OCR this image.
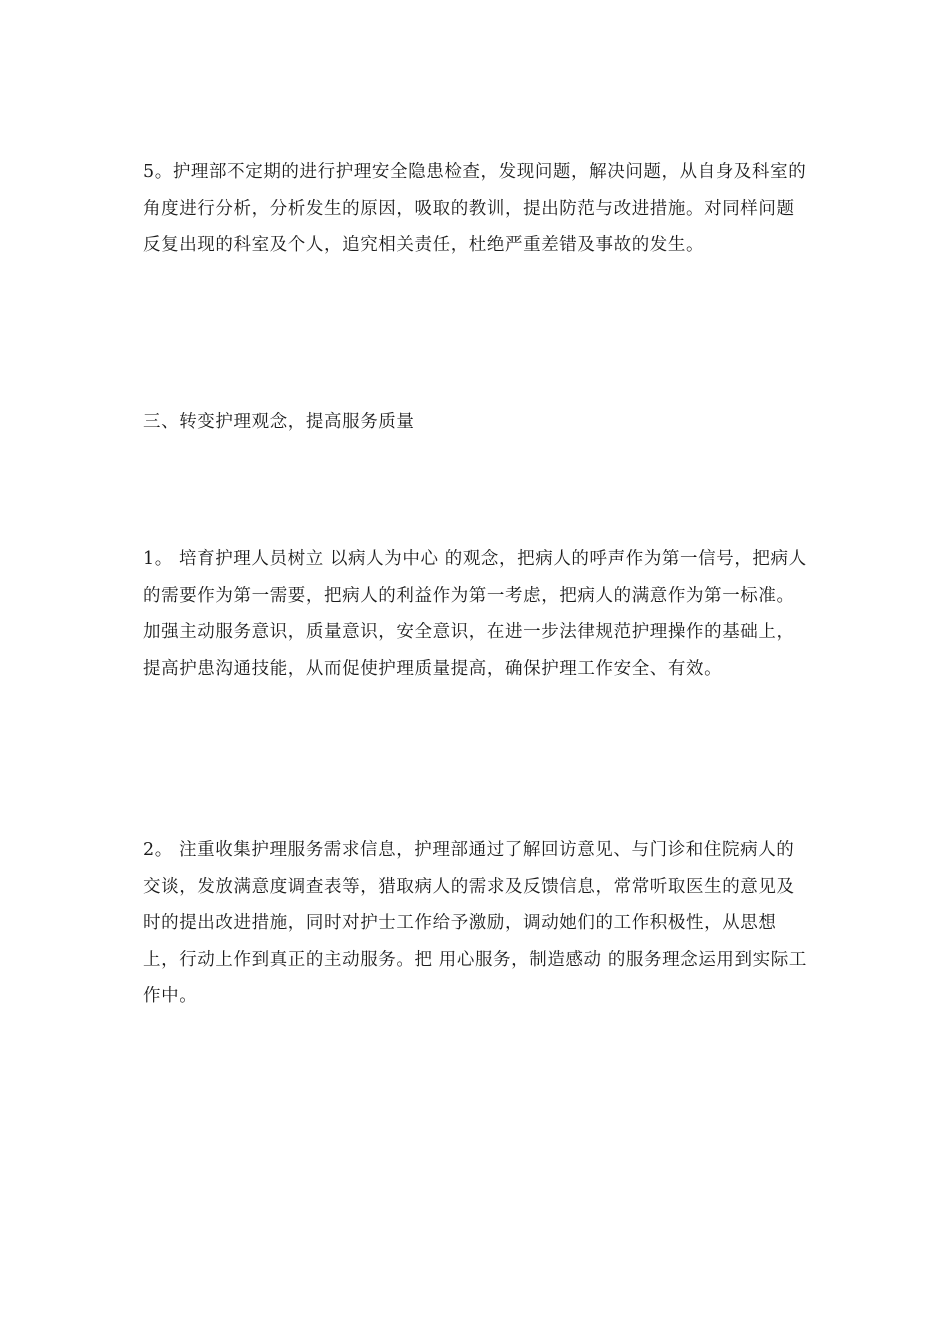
5。护理部不定期的进行护理安全隐患检查，发现问题，解决问题，从自身及科室的角度进行分析，分析发生的原因，吸取的教训，提出防范与改进措施。对同样问题反复出现的科室及个人，追究相关责任，杜绝严重差错及事故的发生。

三、转变护理观念，提高服务质量

1。 培育护理人员树立 以病人为中心 的观念，把病人的呼声作为第一信号，把病人的需要作为第一需要，把病人的利益作为第一考虑，把病人的满意作为第一标准。加强主动服务意识，质量意识，安全意识，在进一步法律规范护理操作的基础上，提高护患沟通技能，从而促使护理质量提高，确保护理工作安全、有效。

2。 注重收集护理服务需求信息，护理部通过了解回访意见、与门诊和住院病人的交谈，发放满意度调查表等，猎取病人的需求及反馈信息，常常听取医生的意见及时的提出改进措施，同时对护士工作给予激励，调动她们的工作积极性，从思想上，行动上作到真正的主动服务。把 用心服务，制造感动 的服务理念运用到实际工作中。
